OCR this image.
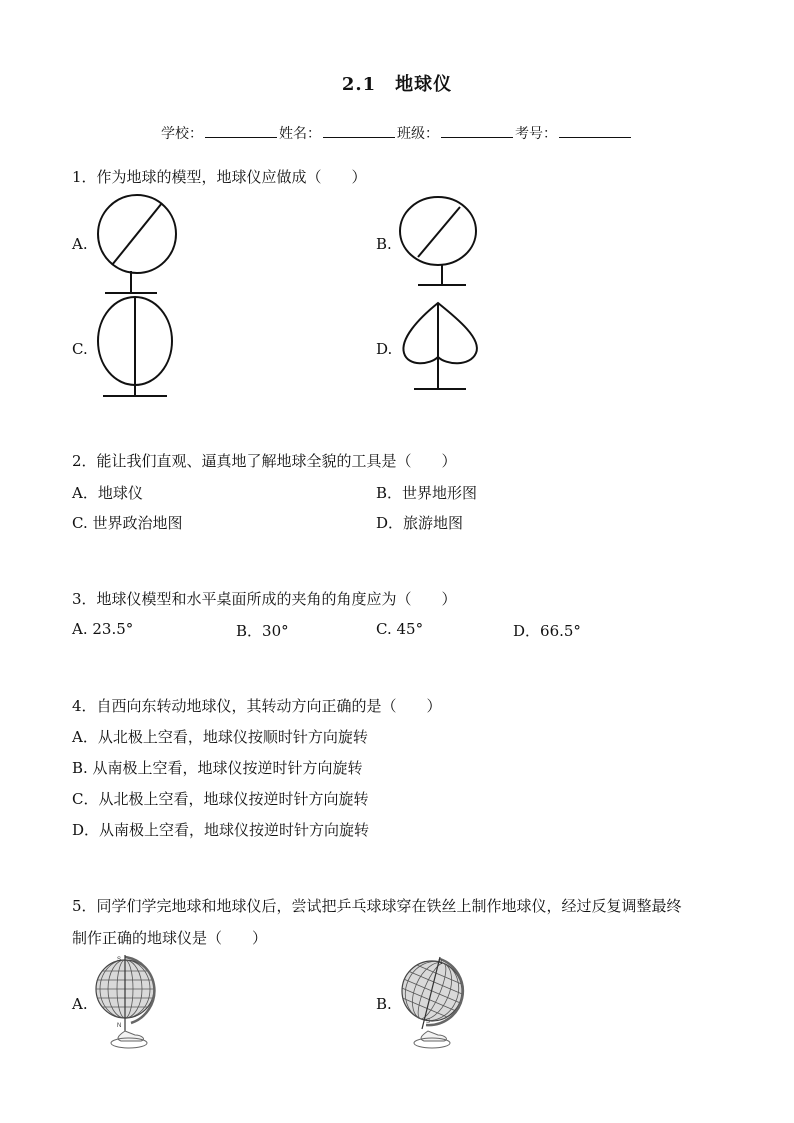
2.1　地球仪
学校：	姓名：	班级：	考号：
1．作为地球的模型，地球仪应做成（　　）
A.	B.
C.	D.
2．能让我们直观、逼真地了解地球全貌的工具是（　　）
A．地球仪	B．世界地形图
C. 世界政治地图	D．旅游地图
3．地球仪模型和水平桌面所成的夹角的角度应为（　　）
A. 23.5°	B．30°	C. 45°	D．66.5°
4．自西向东转动地球仪，其转动方向正确的是（　　）
A．从北极上空看，地球仪按顺时针方向旋转
B. 从南极上空看，地球仪按逆时针方向旋转
C．从北极上空看，地球仪按逆时针方向旋转
D．从南极上空看，地球仪按逆时针方向旋转
5．同学们学完地球和地球仪后，尝试把乒乓球球穿在铁丝上制作地球仪，经过反复调整最终
制作正确的地球仪是（　　）
A.
S
N
B.
N
S
